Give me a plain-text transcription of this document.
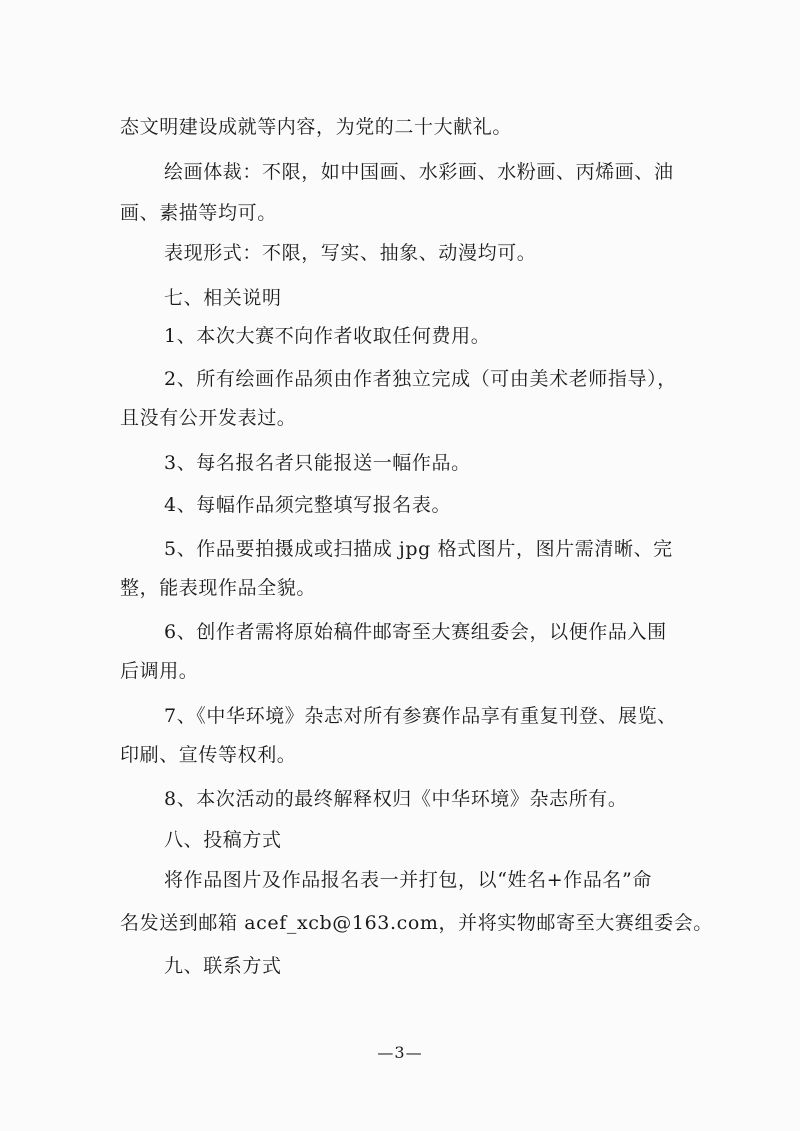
态文明建设成就等内容，为党的二十大献礼。
绘画体裁：不限，如中国画、水彩画、水粉画、丙烯画、油
画、素描等均可。
表现形式：不限，写实、抽象、动漫均可。
七、相关说明
1、本次大赛不向作者收取任何费用。
2、所有绘画作品须由作者独立完成（可由美术老师指导），
且没有公开发表过。
3、每名报名者只能报送一幅作品。
4、每幅作品须完整填写报名表。
5、作品要拍摄成或扫描成 jpg 格式图片，图片需清晰、完
整，能表现作品全貌。
6、创作者需将原始稿件邮寄至大赛组委会，以便作品入围
后调用。
7、《中华环境》杂志对所有参赛作品享有重复刊登、展览、
印刷、宣传等权利。
8、本次活动的最终解释权归《中华环境》杂志所有。
八、投稿方式
将作品图片及作品报名表一并打包，以“姓名+作品名”命
名发送到邮箱 acef_xcb@163.com，并将实物邮寄至大赛组委会。
九、联系方式
—3—
